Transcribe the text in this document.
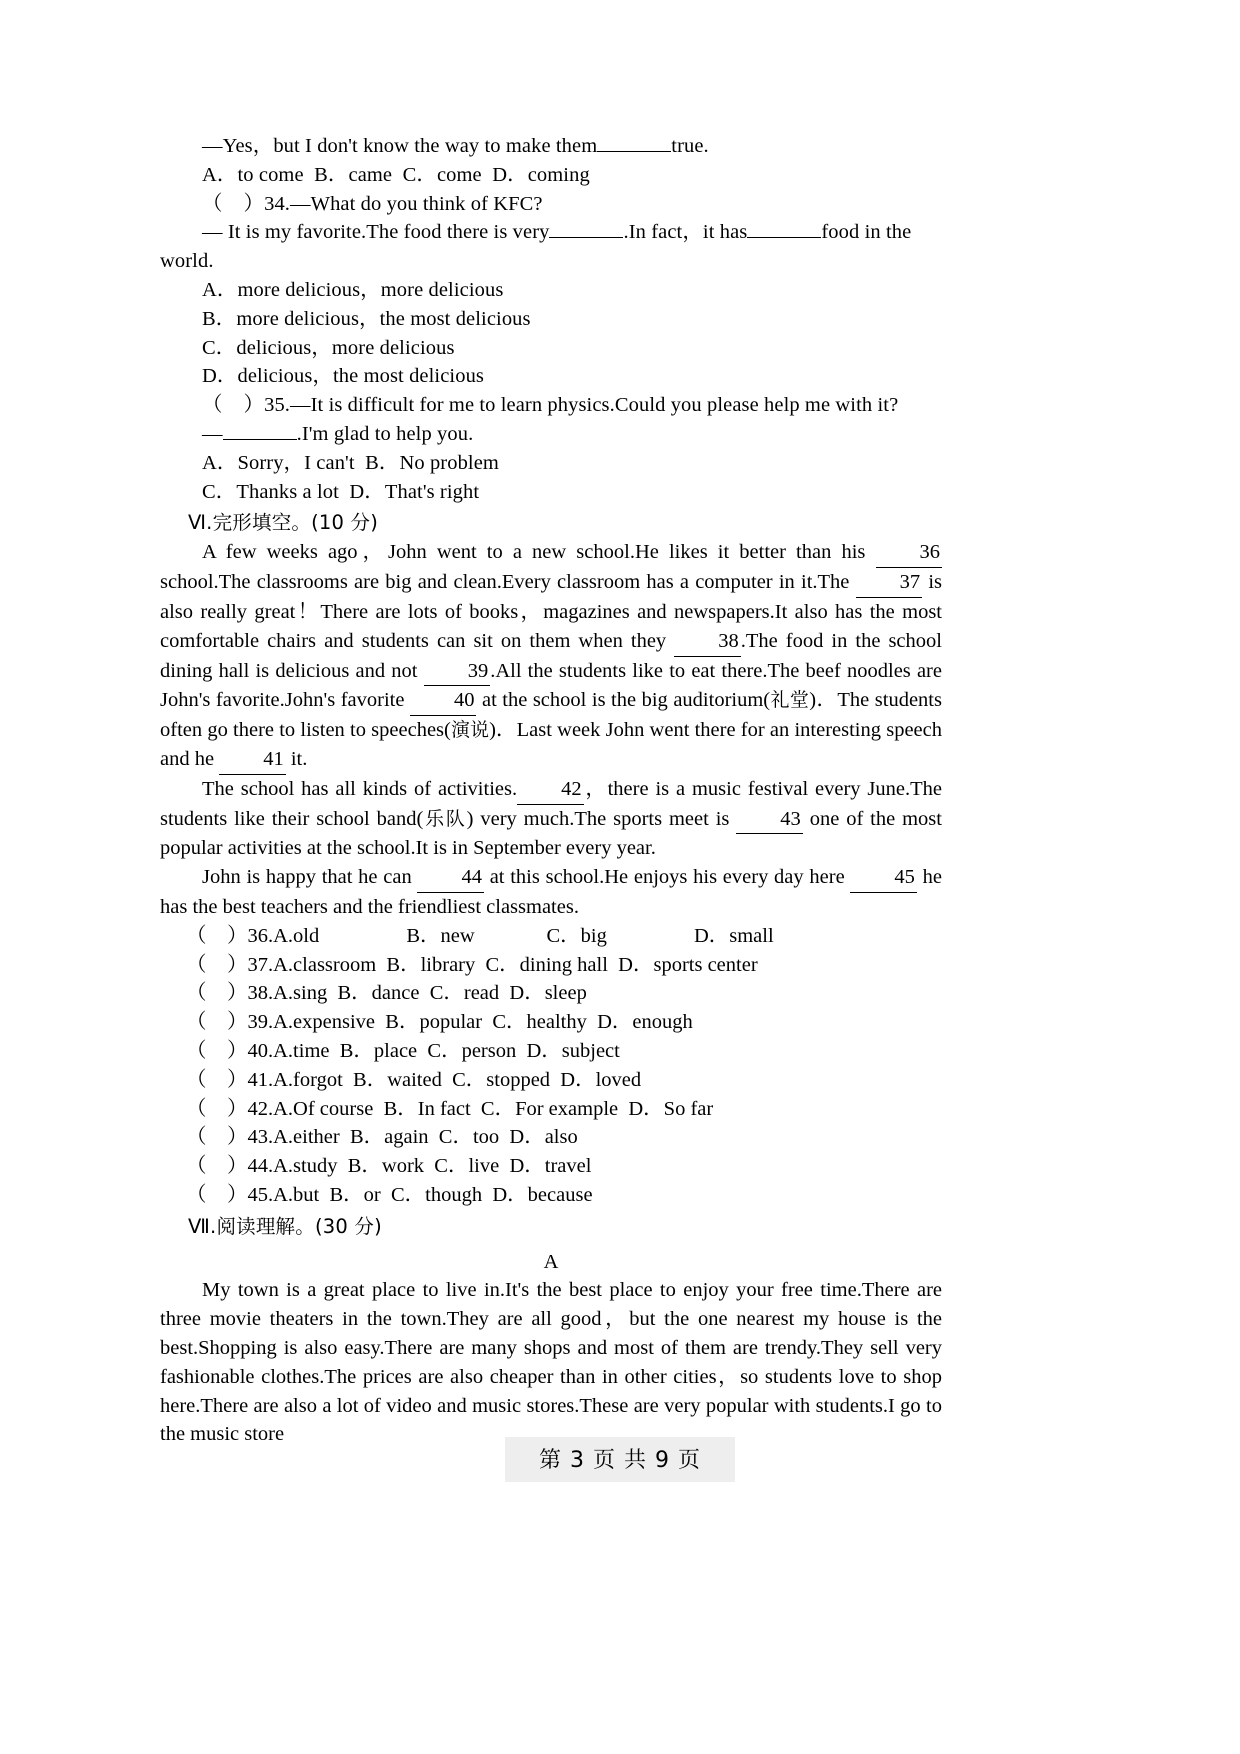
—Yes，but I don't know the way to make them	true.
A．to come  B．came  C．come  D．coming
（    ）34.—What do you think of KFC?
— It is my favorite.The food there is very	.In fact，it has	food in the
world.
A．more delicious，more delicious
B．more delicious，the most delicious
C．delicious，more delicious
D．delicious，the most delicious
（    ）35.—It is difficult for me to learn physics.Could you please help me with it?
—	.I'm glad to help you.
A．Sorry，I can't  B．No problem
C．Thanks a lot  D．That's right
Ⅵ.完形填空。(10 分)
A few weeks ago，John went to a new school.He likes it better than his 36 school.The classrooms are big and clean.Every classroom has a computer in it.The 37 is also really great！There are lots of books，magazines and newspapers.It also has the most comfortable chairs and students can sit on them when they 38.The food in the school dining hall is delicious and not 39.All the students like to eat there.The beef noodles are John's favorite.John's favorite 40 at the school is the big auditorium(礼堂)．The students often go there to listen to speeches(演说)．Last week John went there for an interesting speech and he 41 it.
The school has all kinds of activities. 42，there is a music festival every June.The students like their school band(乐队) very much.The sports meet is 43 one of the most popular activities at the school.It is in September every year.
John is happy that he can 44 at this school.He enjoys his every day here 45 he has the best teachers and the friendliest classmates.
（    ）36.A.old                 B．new              C．big                 D．small
（    ）37.A.classroom  B．library  C．dining hall  D．sports center
（    ）38.A.sing  B．dance  C．read  D．sleep
（    ）39.A.expensive  B．popular  C．healthy  D．enough
（    ）40.A.time  B．place  C．person  D．subject
（    ）41.A.forgot  B．waited  C．stopped  D．loved
（    ）42.A.Of course  B．In fact  C．For example  D．So far
（    ）43.A.either  B．again  C．too  D．also
（    ）44.A.study  B．work  C．live  D．travel
（    ）45.A.but  B．or  C．though  D．because
Ⅶ.阅读理解。(30 分)
A
My town is a great place to live in.It's the best place to enjoy your free time.There are three movie theaters in the town.They are all good，but the one nearest my house is the best.Shopping is also easy.There are many shops and most of them are trendy.They sell very fashionable clothes.The prices are also cheaper than in other cities，so students love to shop here.There are also a lot of video and music stores.These are very popular with students.I go to the music store
第 3 页 共 9 页
